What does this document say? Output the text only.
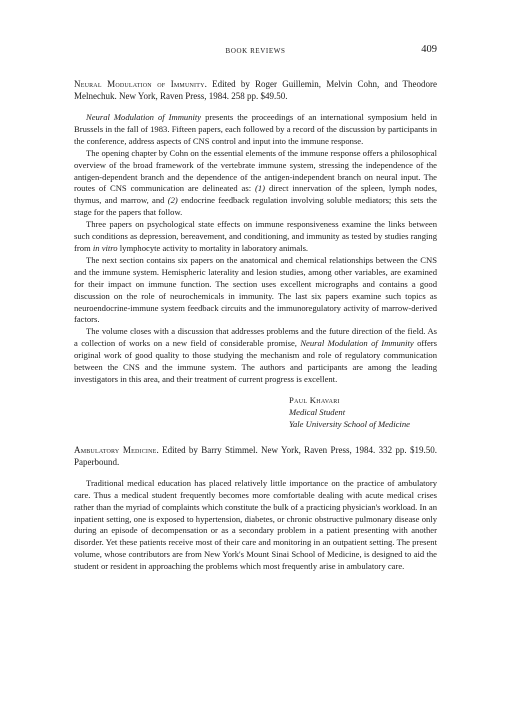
BOOK REVIEWS	409
Neural Modulation of Immunity. Edited by Roger Guillemin, Melvin Cohn, and Theodore Melnechuk. New York, Raven Press, 1984. 258 pp. $49.50.

Neural Modulation of Immunity presents the proceedings of an international symposium held in Brussels in the fall of 1983. Fifteen papers, each followed by a record of the discussion by participants in the conference, address aspects of CNS control and input into the immune response.

The opening chapter by Cohn on the essential elements of the immune response offers a philosophical overview of the broad framework of the vertebrate immune system, stressing the independence of the antigen-dependent branch and the dependence of the antigen-independent branch on neural input. The routes of CNS communication are delineated as: (1) direct innervation of the spleen, lymph nodes, thymus, and marrow, and (2) endocrine feedback regulation involving soluble mediators; this sets the stage for the papers that follow.

Three papers on psychological state effects on immune responsiveness examine the links between such conditions as depression, bereavement, and conditioning, and immunity as tested by studies ranging from in vitro lymphocyte activity to mortality in laboratory animals.

The next section contains six papers on the anatomical and chemical relationships between the CNS and the immune system. Hemispheric laterality and lesion studies, among other variables, are examined for their impact on immune function. The section uses excellent micrographs and contains a good discussion on the role of neurochemicals in immunity. The last six papers examine such topics as neuroendocrine-immune system feedback circuits and the immunoregulatory activity of marrow-derived factors.

The volume closes with a discussion that addresses problems and the future direction of the field. As a collection of works on a new field of considerable promise, Neural Modulation of Immunity offers original work of good quality to those studying the mechanism and role of regulatory communication between the CNS and the immune system. The authors and participants are among the leading investigators in this area, and their treatment of current progress is excellent.

Paul Khavari
Medical Student
Yale University School of Medicine
Ambulatory Medicine. Edited by Barry Stimmel. New York, Raven Press, 1984. 332 pp. $19.50. Paperbound.

Traditional medical education has placed relatively little importance on the practice of ambulatory care. Thus a medical student frequently becomes more comfortable dealing with acute medical crises rather than the myriad of complaints which constitute the bulk of a practicing physician's workload. In an inpatient setting, one is exposed to hypertension, diabetes, or chronic obstructive pulmonary disease only during an episode of decompensation or as a secondary problem in a patient presenting with another disorder. Yet these patients receive most of their care and monitoring in an outpatient setting. The present volume, whose contributors are from New York's Mount Sinai School of Medicine, is designed to aid the student or resident in approaching the problems which most frequently arise in ambulatory care.
